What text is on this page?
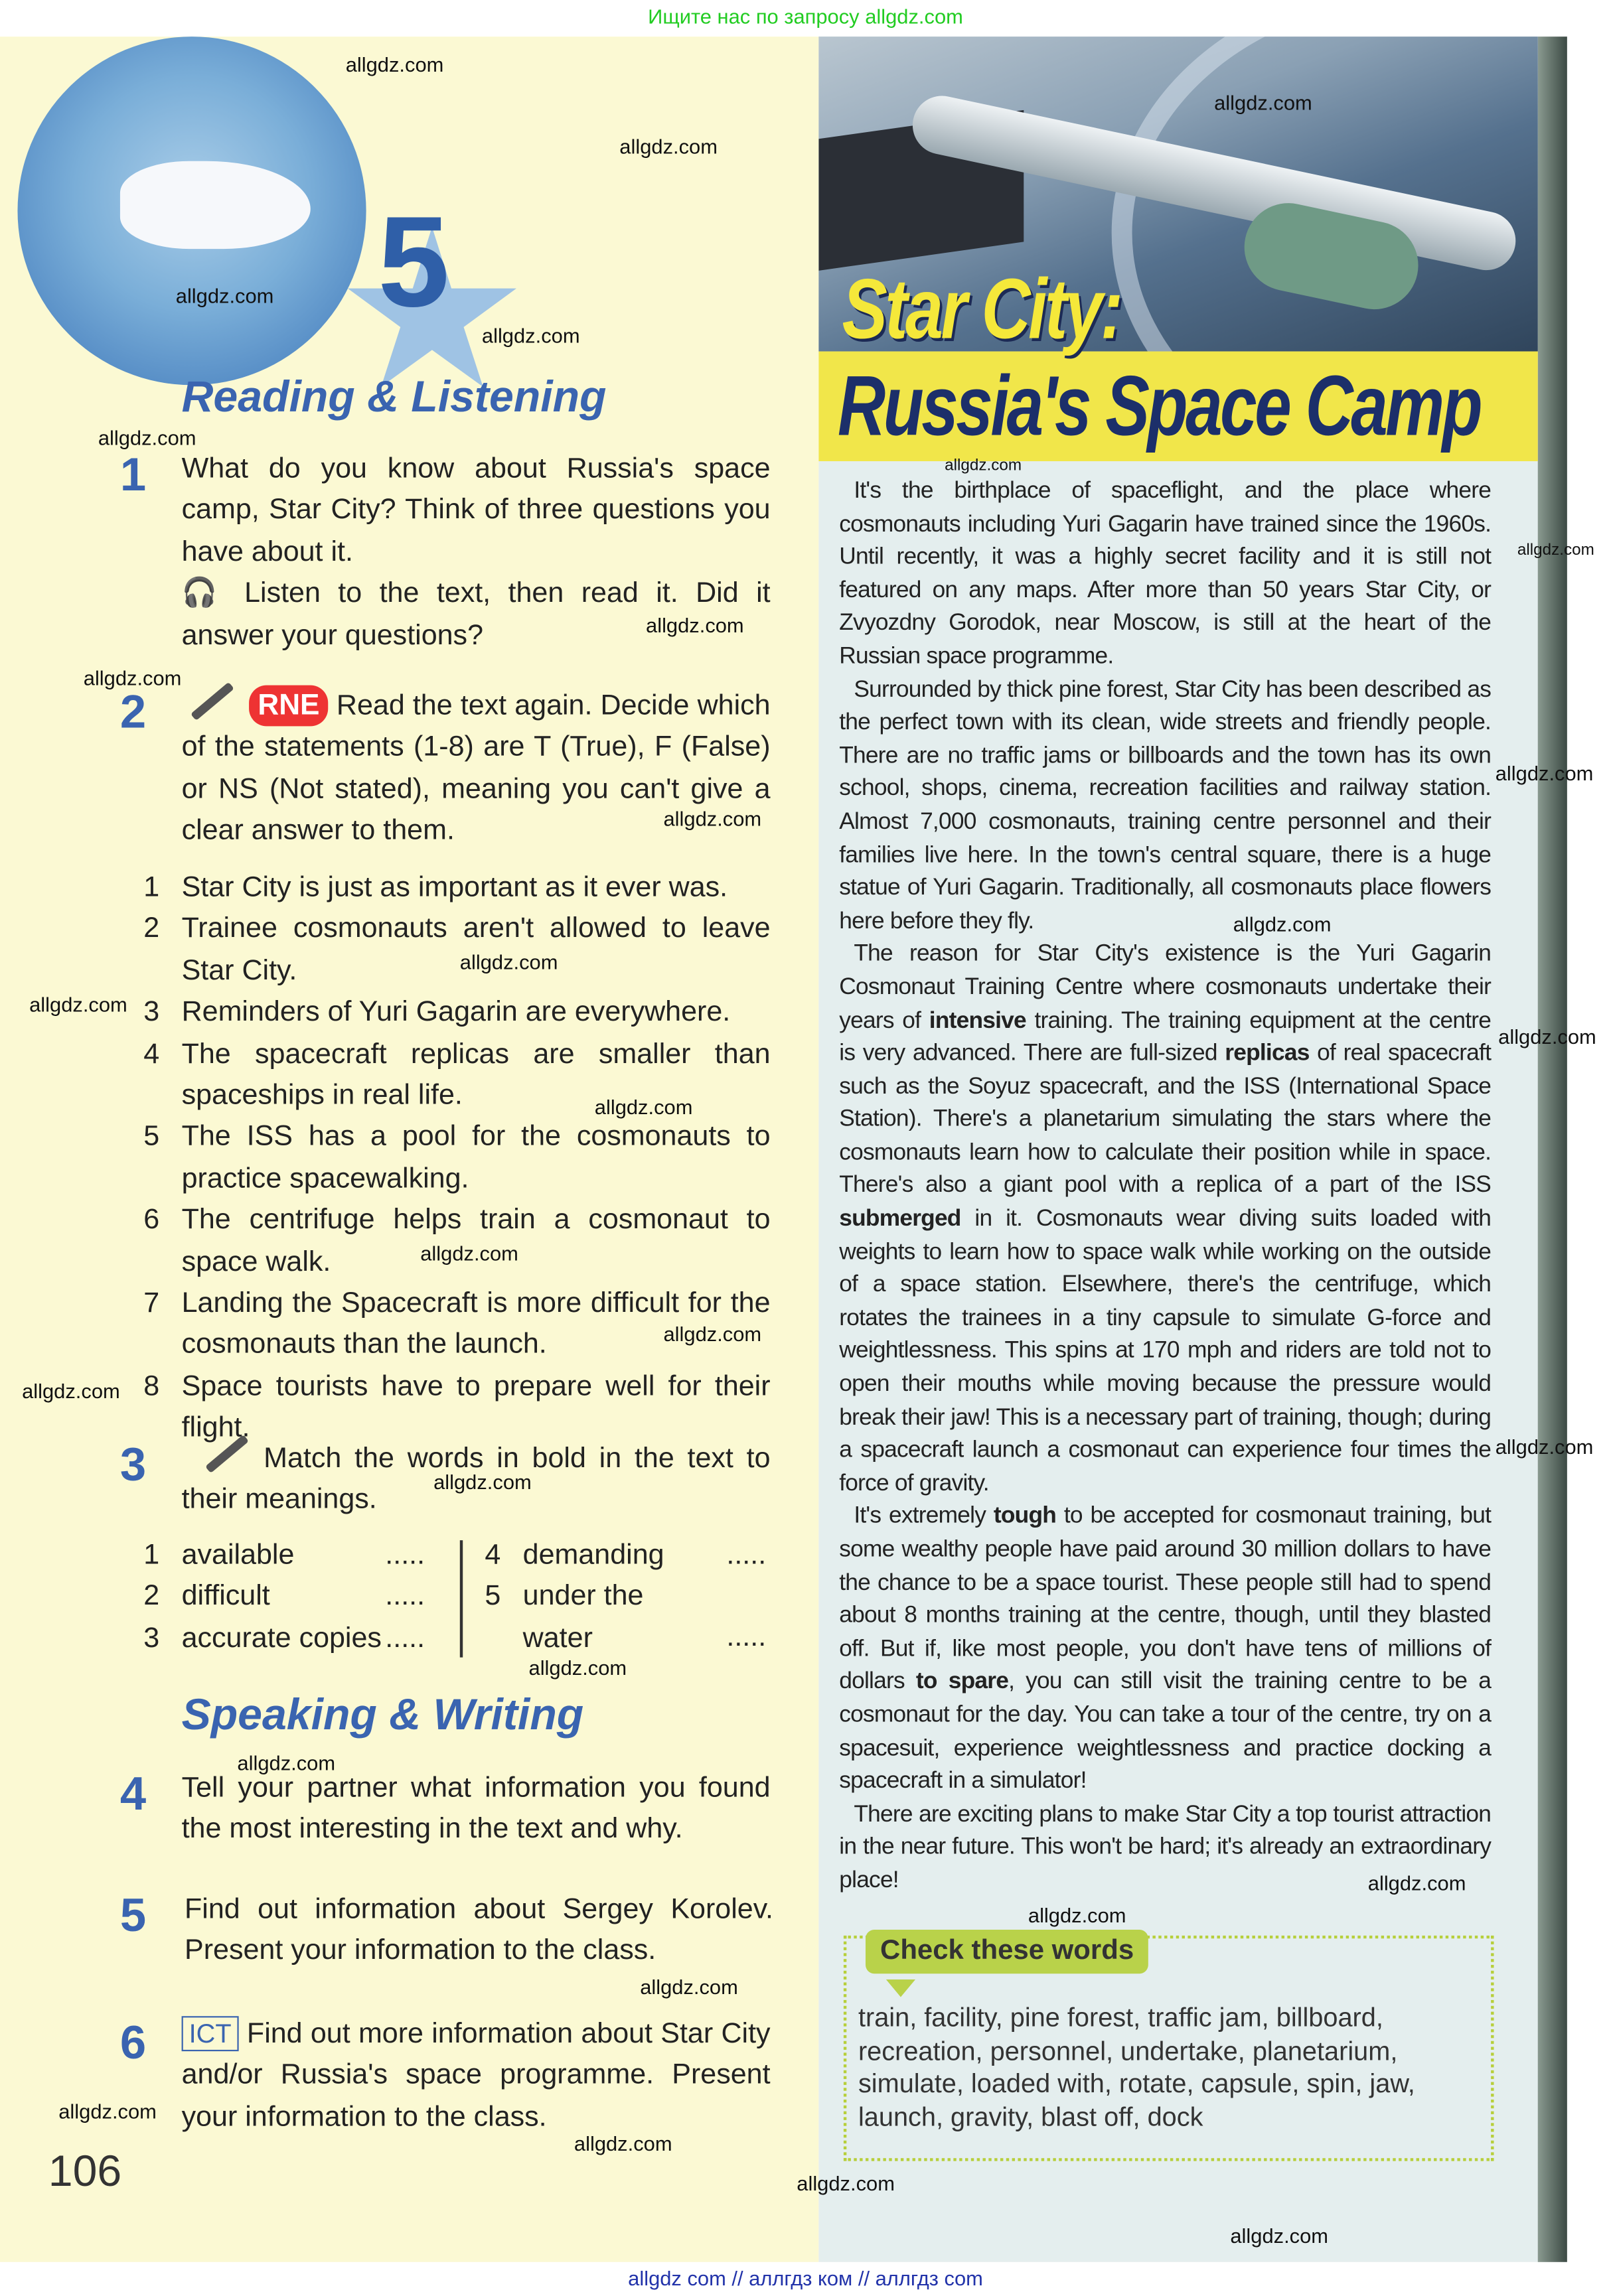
Ищите нас по запросу allgdz.com
5
Reading & Listening
1	What do you know about Russia's space camp, Star City? Think of three questions you have about it.
🎧 Listen to the text, then read it. Did it answer your questions?
2	RNE Read the text again. Decide which of the statements (1-8) are T (True), F (False) or NS (Not stated), meaning you can't give a clear answer to them.
1 Star City is just as important as it ever was.
2 Trainee cosmonauts aren't allowed to leave Star City.
3 Reminders of Yuri Gagarin are everywhere.
4 The spacecraft replicas are smaller than spaceships in real life.
5 The ISS has a pool for the cosmonauts to practice spacewalking.
6 The centrifuge helps train a cosmonaut to space walk.
7 Landing the Spacecraft is more difficult for the cosmonauts than the launch.
8 Space tourists have to prepare well for their flight.
3	Match the words in bold in the text to their meanings.
1 available	.....
2 difficult	.....
3 accurate copies .....
4 demanding	.....
5 under the water	.....
Speaking & Writing
4	Tell your partner what information you found the most interesting in the text and why.
5	Find out information about Sergey Korolev. Present your information to the class.
6	ICT Find out more information about Star City and/or Russia's space programme. Present your information to the class.
106
Star City:
Russia's Space Camp

It's the birthplace of spaceflight, and the place where cosmonauts including Yuri Gagarin have trained since the 1960s. Until recently, it was a highly secret facility and it is still not featured on any maps. After more than 50 years Star City, or Zvyozdny Gorodok, near Moscow, is still at the heart of the Russian space programme.

Surrounded by thick pine forest, Star City has been described as the perfect town with its clean, wide streets and friendly people. There are no traffic jams or billboards and the town has its own school, shops, cinema, recreation facilities and railway station. Almost 7,000 cosmonauts, training centre personnel and their families live here. In the town's central square, there is a huge statue of Yuri Gagarin. Traditionally, all cosmonauts place flowers here before they fly.

The reason for Star City's existence is the Yuri Gagarin Cosmonaut Training Centre where cosmonauts undertake their years of intensive training. The training equipment at the centre is very advanced. There are full-sized replicas of real spacecraft such as the Soyuz spacecraft, and the ISS (International Space Station). There's a planetarium simulating the stars where the cosmonauts learn how to calculate their position while in space. There's also a giant pool with a replica of a part of the ISS submerged in it. Cosmonauts wear diving suits loaded with weights to learn how to space walk while working on the outside of a space station. Elsewhere, there's the centrifuge, which rotates the trainees in a tiny capsule to simulate G-force and weightlessness. This spins at 170 mph and riders are told not to open their mouths while moving because the pressure would break their jaw! This is a necessary part of training, though; during a spacecraft launch a cosmonaut can experience four times the force of gravity.

It's extremely tough to be accepted for cosmonaut training, but some wealthy people have paid around 30 million dollars to have the chance to be a space tourist. These people still had to spend about 8 months training at the centre, though, until they blasted off. But if, like most people, you don't have tens of millions of dollars to spare, you can still visit the training centre to be a cosmonaut for the day. You can take a tour of the centre, try on a spacesuit, experience weightlessness and practice docking a spacecraft in a simulator!

There are exciting plans to make Star City a top tourist attraction in the near future. This won't be hard; it's already an extraordinary place!

Check these words
train, facility, pine forest, traffic jam, billboard, recreation, personnel, undertake, planetarium, simulate, loaded with, rotate, capsule, spin, jaw, launch, gravity, blast off, dock
allgdz.com
allgdz.com
allgdz.com
allgdz.com
allgdz.com
allgdz.com
allgdz.com
allgdz.com
allgdz.com
allgdz.com
allgdz.com
allgdz.com
allgdz.com
allgdz.com
allgdz.com
allgdz.com
allgdz.com
allgdz.com
allgdz.com
allgdz.com
allgdz.com
allgdz.com
allgdz.com
allgdz.com
allgdz.com
allgdz.com
allgdz.com
allgdz.com
allgdz.com
allgdz.com
allgdz.com
allgdz com // аллгдз ком // аллгдз com
